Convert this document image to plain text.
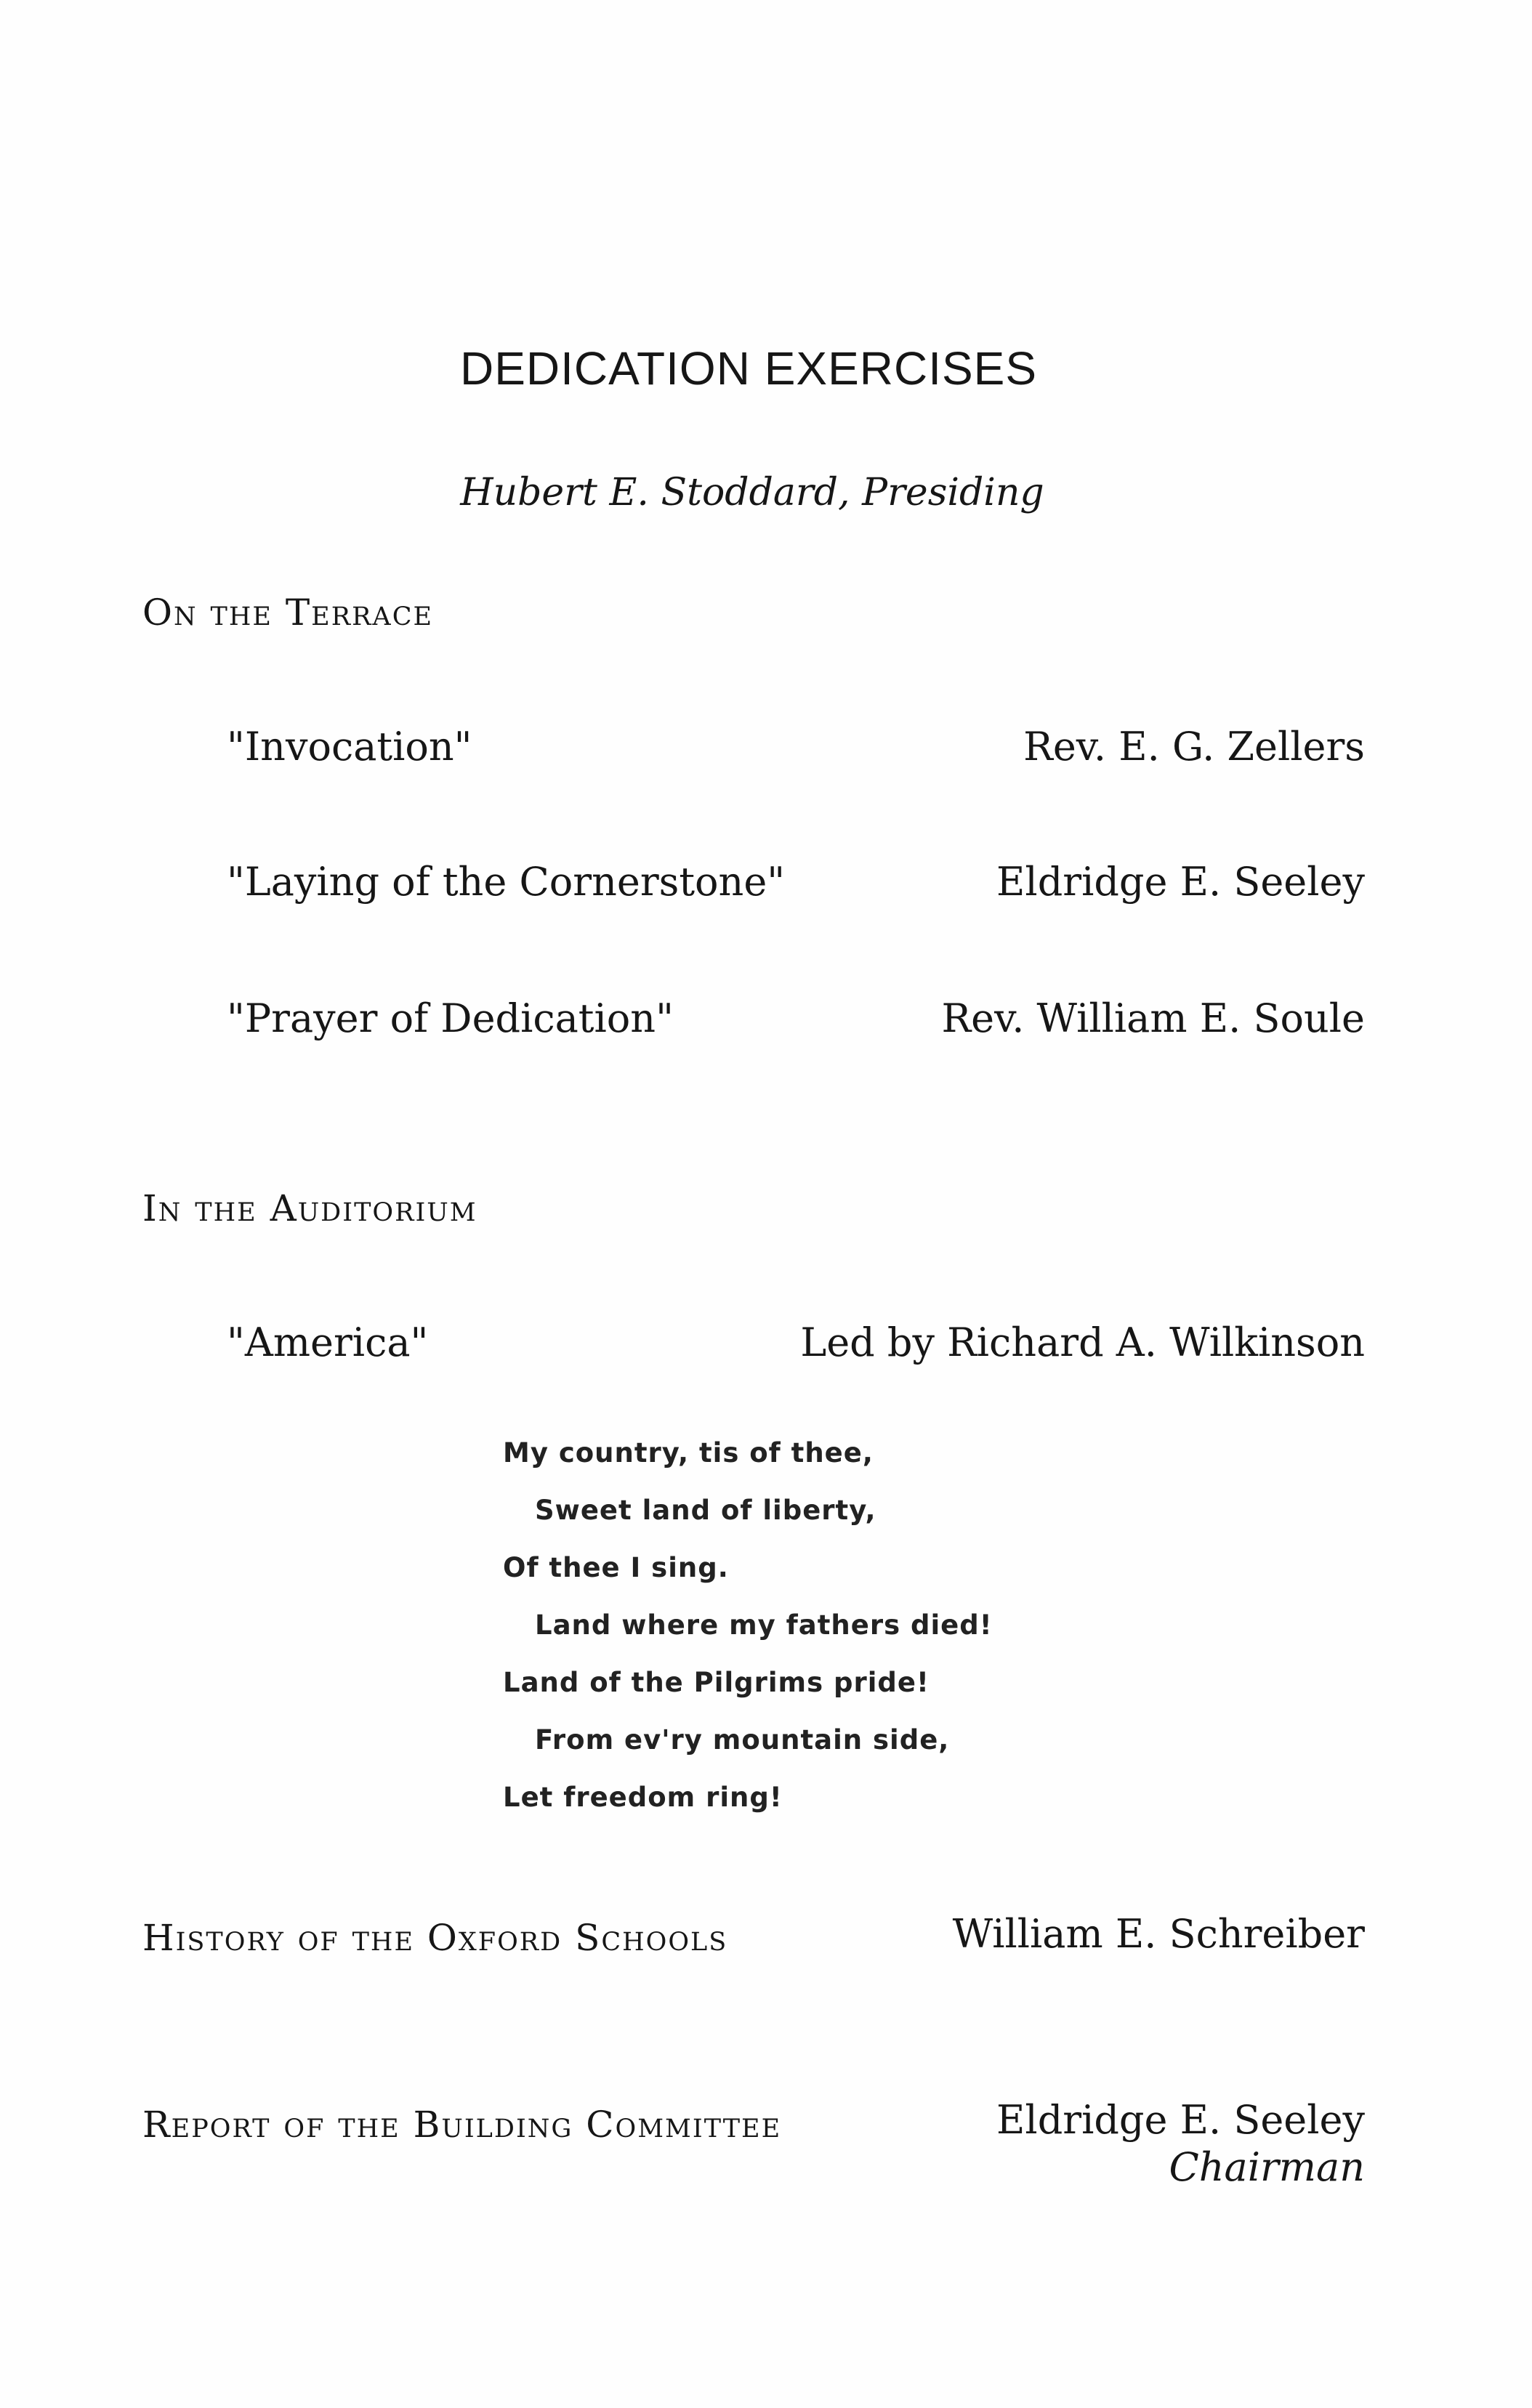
DEDICATION EXERCISES
Hubert E. Stoddard, Presiding
On the Terrace
"Invocation"	Rev. E. G. Zellers
"Laying of the Cornerstone"	Eldridge E. Seeley
"Prayer of Dedication"	Rev. William E. Soule
In the Auditorium
"America"	Led by Richard A. Wilkinson
My country, tis of thee,
Sweet land of liberty,
Of thee I sing.
Land where my fathers died!
Land of the Pilgrims pride!
From ev'ry mountain side,
Let freedom ring!
History of the Oxford Schools	William E. Schreiber
Report of the Building Committee	Eldridge E. Seeley
Chairman
